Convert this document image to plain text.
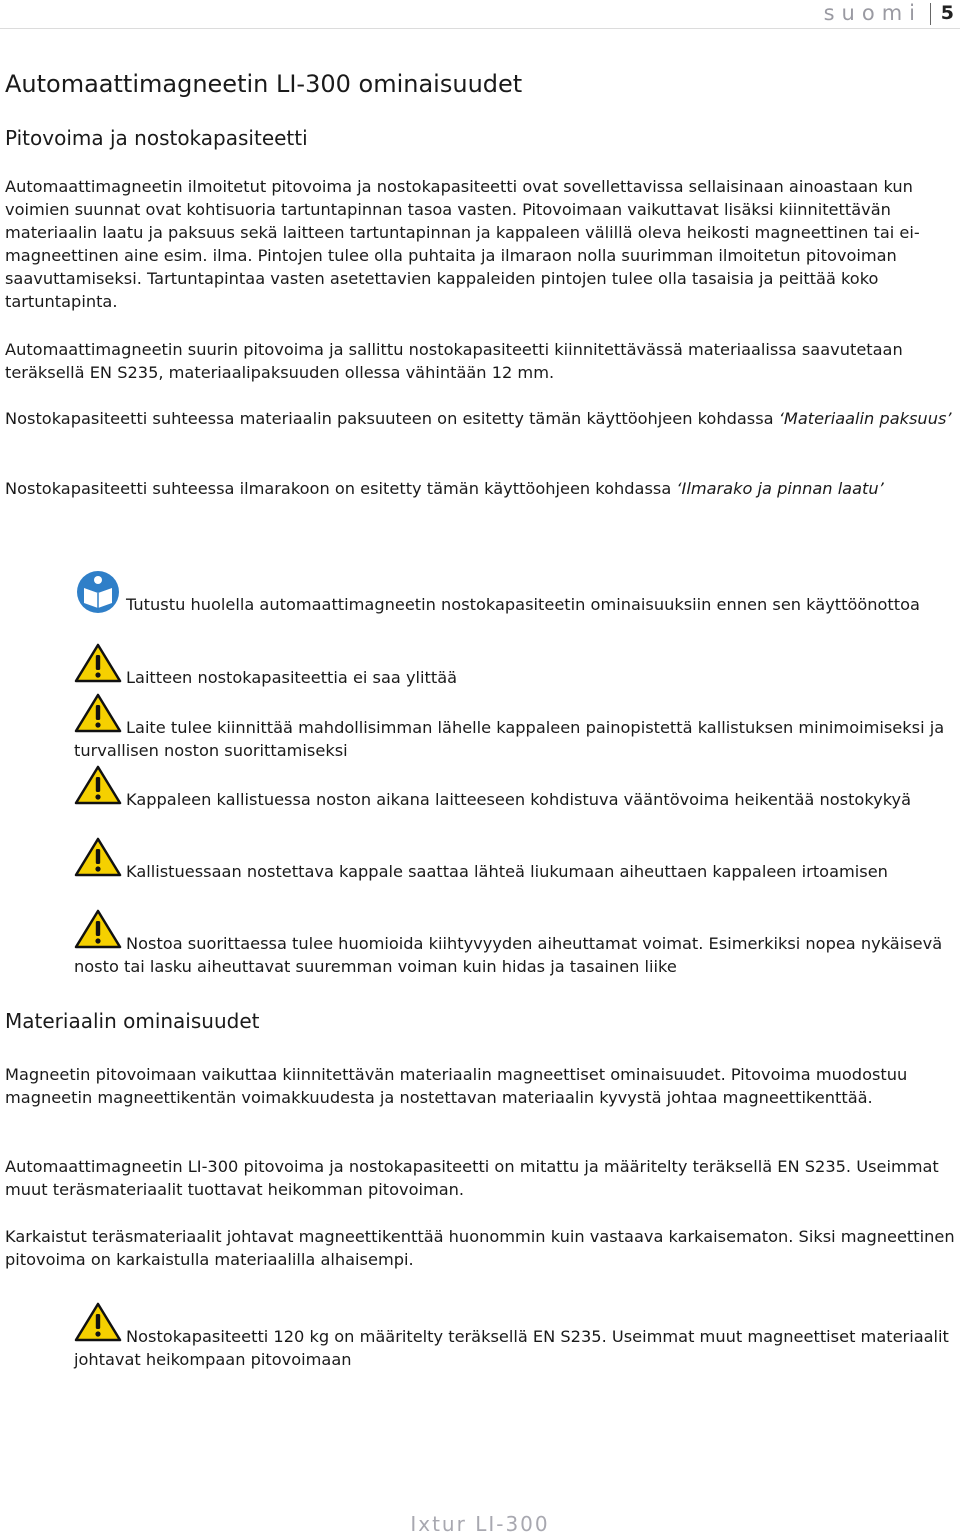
suomi 5
Automaattimagneetin LI-300 ominaisuudet
Pitovoima ja nostokapasiteetti

Automaattimagneetin ilmoitetut pitovoima ja nostokapasiteetti ovat sovellettavissa sellaisinaan ainoastaan kun voimien suunnat ovat kohtisuoria tartuntapinnan tasoa vasten. Pitovoimaan vaikuttavat lisäksi kiinnitettävän materiaalin laatu ja paksuus sekä laitteen tartuntapinnan ja kappaleen välillä oleva heikosti magneettinen tai ei-magneettinen aine esim. ilma. Pintojen tulee olla puhtaita ja ilmaraon nolla suurimman ilmoitetun pitovoiman saavuttamiseksi. Tartuntapintaa vasten asetettavien kappaleiden pintojen tulee olla tasaisia ja peittää koko tartuntapinta.

Automaattimagneetin suurin pitovoima ja sallittu nostokapasiteetti kiinnitettävässä materiaalissa saavutetaan teräksellä EN S235, materiaalipaksuuden ollessa vähintään 12 mm.

Nostokapasiteetti suhteessa materiaalin paksuuteen on esitetty tämän käyttöohjeen kohdassa ‘Materiaalin paksuus’

Nostokapasiteetti suhteessa ilmarakoon on esitetty tämän käyttöohjeen kohdassa ‘Ilmarako ja pinnan laatu’

Tutustu huolella automaattimagneetin nostokapasiteetin ominaisuuksiin ennen sen käyttöönottoa
Laitteen nostokapasiteettia ei saa ylittää
Laite tulee kiinnittää mahdollisimman lähelle kappaleen painopistettä kallistuksen minimoimiseksi ja turvallisen noston suorittamiseksi
Kappaleen kallistuessa noston aikana laitteeseen kohdistuva vääntövoima heikentää nostokykyä
Kallistuessaan nostettava kappale saattaa lähteä liukumaan aiheuttaen kappaleen irtoamisen
Nostoa suorittaessa tulee huomioida kiihtyvyyden aiheuttamat voimat. Esimerkiksi nopea nykäisevä nosto tai lasku aiheuttavat suuremman voiman kuin hidas ja tasainen liike
Materiaalin ominaisuudet

Magneetin pitovoimaan vaikuttaa kiinnitettävän materiaalin magneettiset ominaisuudet. Pitovoima muodostuu magneetin magneettikentän voimakkuudesta ja nostettavan materiaalin kyvystä johtaa magneettikenttää.

Automaattimagneetin LI-300 pitovoima ja nostokapasiteetti on mitattu ja määritelty teräksellä EN S235. Useimmat muut teräsmateriaalit tuottavat heikomman pitovoiman.

Karkaistut teräsmateriaalit johtavat magneettikenttää huonommin kuin vastaava karkaisematon. Siksi magneettinen pitovoima on karkaistulla materiaalilla alhaisempi.

Nostokapasiteetti 120 kg on määritelty teräksellä EN S235. Useimmat muut magneettiset materiaalit johtavat heikompaan pitovoimaan
Ixtur LI-300
